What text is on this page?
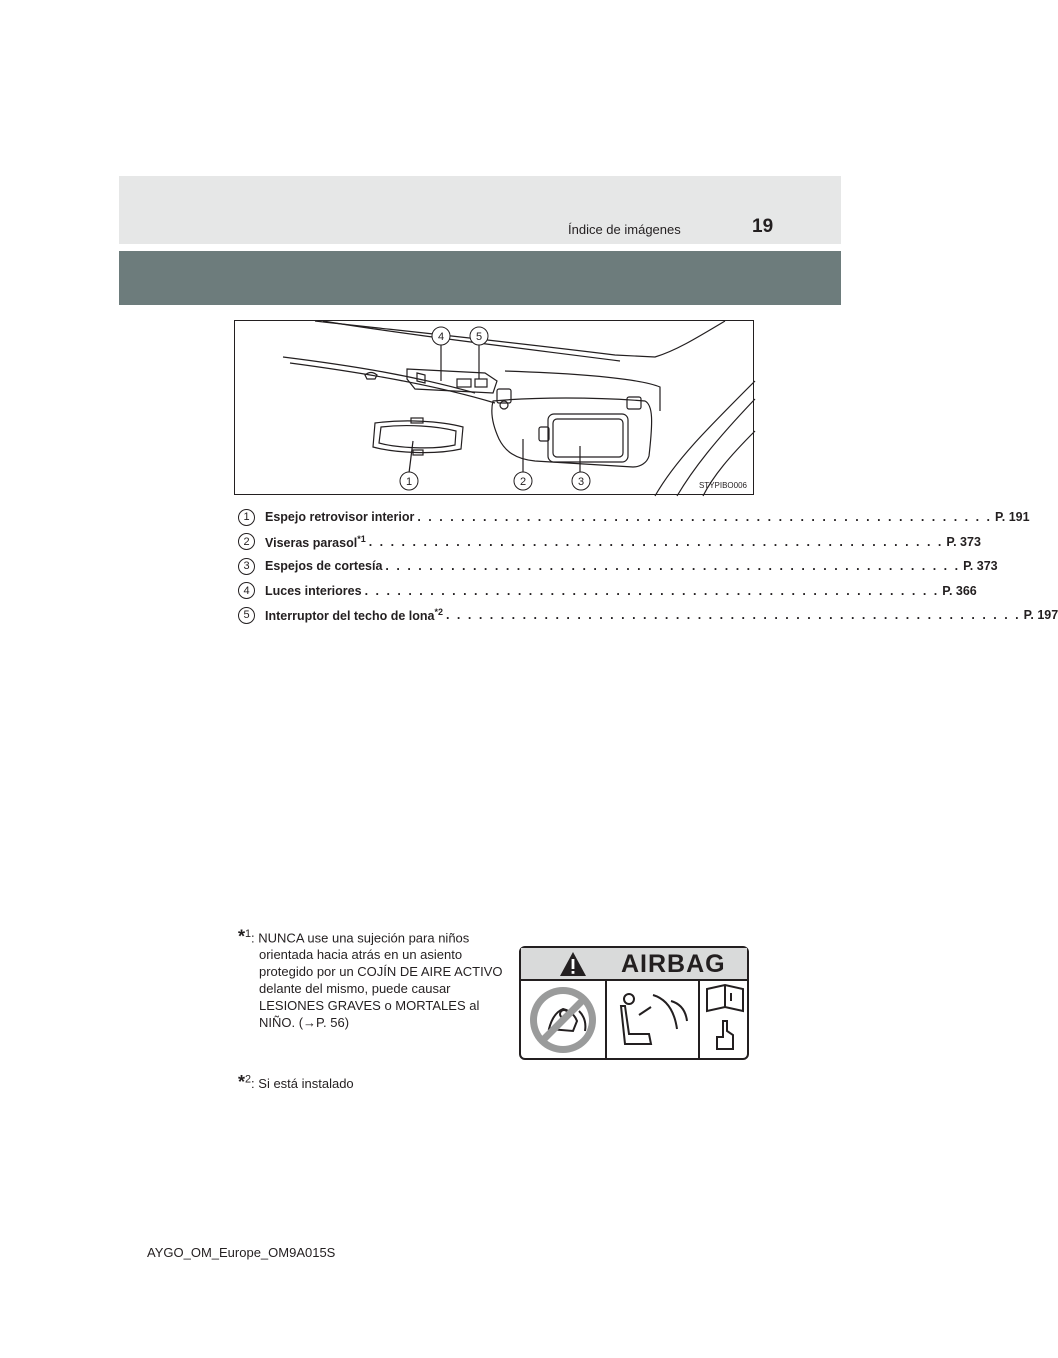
Índice de imágenes	19
1	2	3
4	5
STYPIBO006
1	Espejo retrovisor interior . . . . . . . . . . . . . . . . . . . . . . . . . . . . . . . . . . . . . . . . . . . . . . . . . . . . . P. 191
2	Viseras parasol$^{*1}$ . . . . . . . . . . . . . . . . . . . . . . . . . . . . . . . . . . . . . . . . . . . . . . . . . . . . . P. 373
3	Espejos de cortesía . . . . . . . . . . . . . . . . . . . . . . . . . . . . . . . . . . . . . . . . . . . . . . . . . . . . . P. 373
4	Luces interiores . . . . . . . . . . . . . . . . . . . . . . . . . . . . . . . . . . . . . . . . . . . . . . . . . . . . . P. 366
5	Interruptor del techo de lona$^{*2}$ . . . . . . . . . . . . . . . . . . . . . . . . . . . . . . . . . . . . . . . . . . . . . . . . . . . . . P. 197
*$^1$: NUNCA use una sujeción para niños
orientada hacia atrás en un asiento protegido por un COJÍN DE AIRE ACTIVO delante del mismo, puede causar LESIONES GRAVES o MORTALES al NIÑO. (→P. 56)
AIRBAG
*$^2$: Si está instalado
AYGO_OM_Europe_OM9A015S
